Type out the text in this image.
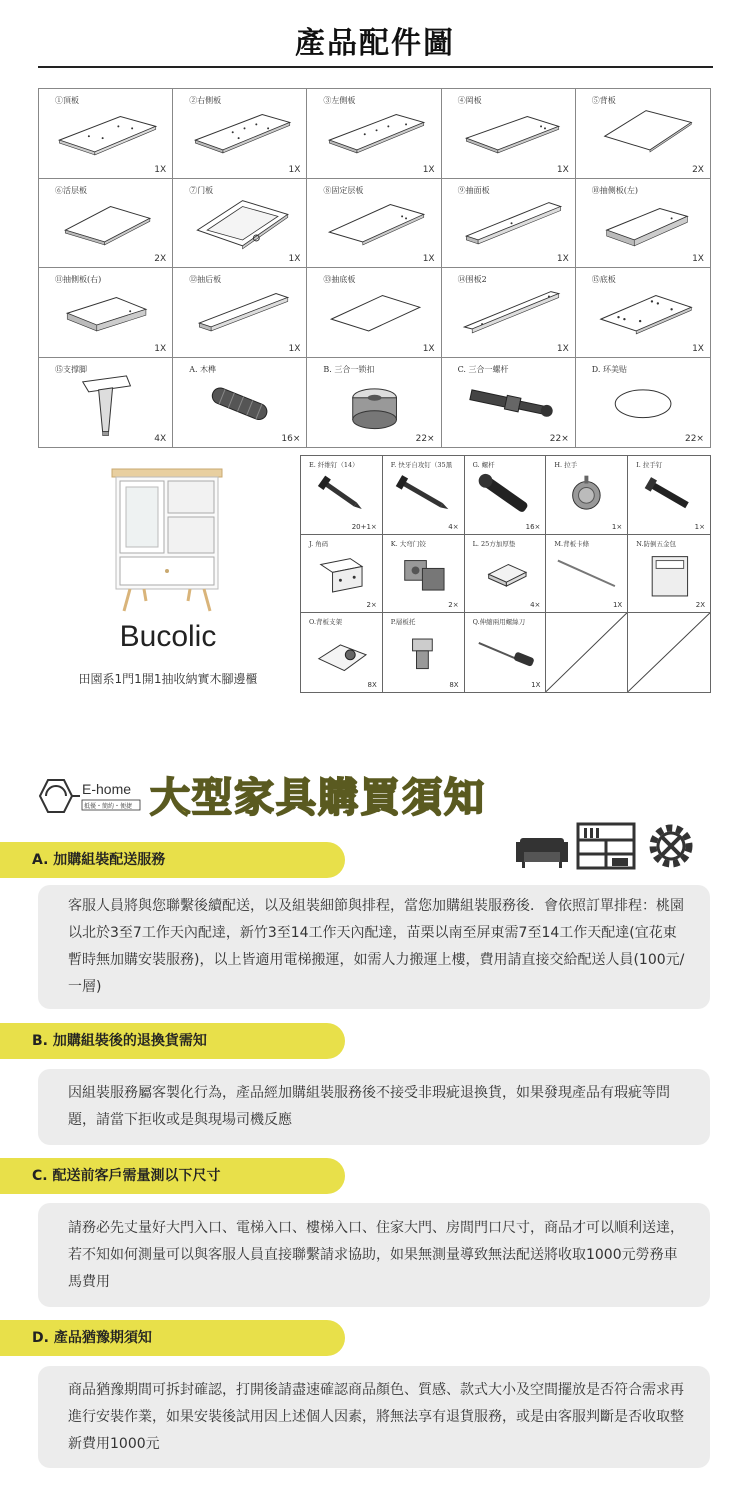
產品配件圖
①頂板
1X
②右側板
1X
③左側板
1X
④岡板
1X
⑤背板
2X
⑥活层板
2X
⑦门板
1X
⑧固定层板
1X
⑨抽面板
1X
⑩抽侧板(左)
1X
⑪抽側板(右)
1X
⑫抽后板
1X
⑬抽底板
1X
⑭围板2
1X
⑮底板
1X
⑮支撑脚
4X
A. 木榫
16×
B. 三合一锁扣
22×
C. 三合一螺杆
22×
D. 环美贴
22×
Bucolic
田園系1門1開1抽收納實木腳邊櫃
E. 纤维钉（14）
20+1×
F. 快牙自攻钉（35黑
4×
G. 螺杆
16×
H. 拉手
1×
I. 拉手钉
1×
J. 角码
2×
K. 大弯门铰
2×
L. 25方加厚垫
4×
M.背板卡條
1X
N.防倒五金包
2X
O.背板支架
8X
P.層板托
8X
Q.伸縮兩用螺絲刀
1X
E-home
抵優・簡約・便捷 大型家具購買須知
A. 加購組裝配送服務
客服人員將與您聯繫後續配送，以及組裝細節與排程，當您加購組裝服務後．會依照訂單排程：桃園以北於3至7工作天內配達，新竹3至14工作天內配達，苗栗以南至屏東需7至14工作天配達(宜花東暫時無加購安裝服務)，以上皆適用電梯搬運，如需人力搬運上樓，費用請直接交給配送人員(100元/一層)
B. 加購組裝後的退換貨需知
因組裝服務屬客製化行為，產品經加購組裝服務後不接受非瑕疵退換貨，如果發現產品有瑕疵等問題，請當下拒收或是與現場司機反應
C. 配送前客戶需量測以下尺寸
請務必先丈量好大門入口、電梯入口、樓梯入口、住家大門、房間門口尺寸，商品才可以順利送達，若不知如何測量可以與客服人員直接聯繫請求協助，如果無測量導致無法配送將收取1000元勞務車馬費用
D. 產品猶豫期須知
商品猶豫期間可拆封確認，打開後請盡速確認商品顏色、質感、款式大小及空間擺放是否符合需求再進行安裝作業，如果安裝後試用因上述個人因素，將無法享有退貨服務，或是由客服判斷是否收取整新費用1000元
